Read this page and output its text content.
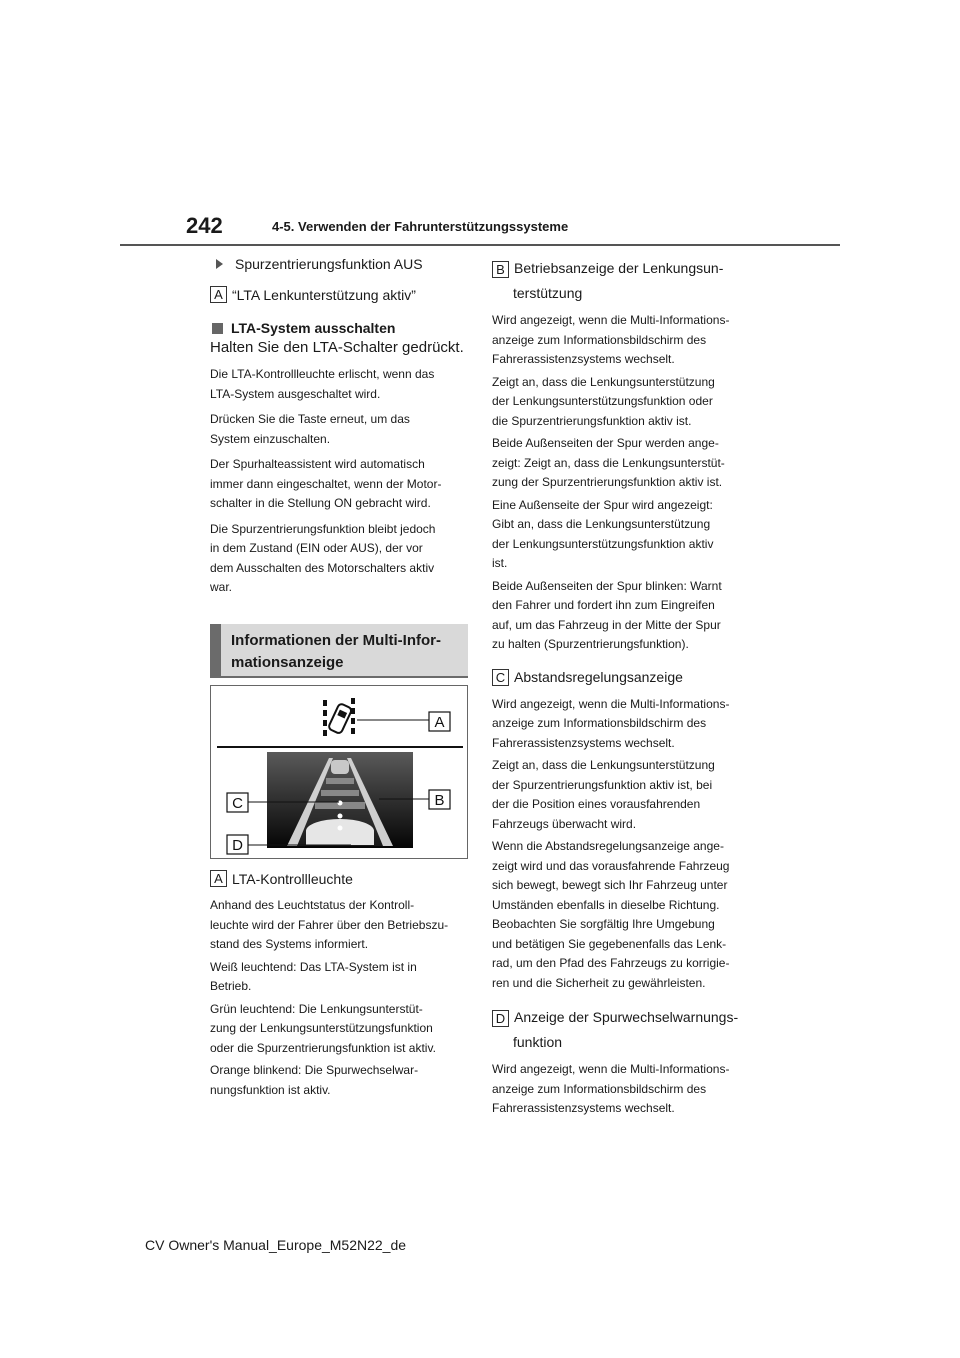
242	4-5. Verwenden der Fahrunterstützungssysteme
Spurzentrierungsfunktion AUS
A “LTA Lenkunterstützung aktiv”
LTA-System ausschalten
Halten Sie den LTA-Schalter gedrückt.
Die LTA-Kontrollleuchte erlischt, wenn das
LTA-System ausgeschaltet wird.
Drücken Sie die Taste erneut, um das
System einzuschalten.
Der Spurhalteassistent wird automatisch
immer dann eingeschaltet, wenn der Motor-
schalter in die Stellung ON gebracht wird.
Die Spurzentrierungsfunktion bleibt jedoch
in dem Zustand (EIN oder AUS), der vor
dem Ausschalten des Motorschalters aktiv
war.
Informationen der Multi-Infor-
mationsanzeige
A
C	B
D
A LTA-Kontrollleuchte
Anhand des Leuchtstatus der Kontroll-
leuchte wird der Fahrer über den Betriebszu-
stand des Systems informiert.
Weiß leuchtend: Das LTA-System ist in
Betrieb.
Grün leuchtend: Die Lenkungsunterstüt-
zung der Lenkungsunterstützungsfunktion
oder die Spurzentrierungsfunktion ist aktiv.
Orange blinkend: Die Spurwechselwar-
nungsfunktion ist aktiv.
B Betriebsanzeige der Lenkungsun-
terstützung
Wird angezeigt, wenn die Multi-Informations-
anzeige zum Informationsbildschirm des
Fahrerassistenzsystems wechselt.
Zeigt an, dass die Lenkungsunterstützung
der Lenkungsunterstützungsfunktion oder
die Spurzentrierungsfunktion aktiv ist.
Beide Außenseiten der Spur werden ange-
zeigt: Zeigt an, dass die Lenkungsunterstüt-
zung der Spurzentrierungsfunktion aktiv ist.
Eine Außenseite der Spur wird angezeigt:
Gibt an, dass die Lenkungsunterstützung
der Lenkungsunterstützungsfunktion aktiv
ist.
Beide Außenseiten der Spur blinken: Warnt
den Fahrer und fordert ihn zum Eingreifen
auf, um das Fahrzeug in der Mitte der Spur
zu halten (Spurzentrierungsfunktion).
C Abstandsregelungsanzeige
Wird angezeigt, wenn die Multi-Informations-
anzeige zum Informationsbildschirm des
Fahrerassistenzsystems wechselt.
Zeigt an, dass die Lenkungsunterstützung
der Spurzentrierungsfunktion aktiv ist, bei
der die Position eines vorausfahrenden
Fahrzeugs überwacht wird.
Wenn die Abstandsregelungsanzeige ange-
zeigt wird und das vorausfahrende Fahrzeug
sich bewegt, bewegt sich Ihr Fahrzeug unter
Umständen ebenfalls in dieselbe Richtung.
Beobachten Sie sorgfältig Ihre Umgebung
und betätigen Sie gegebenenfalls das Lenk-
rad, um den Pfad des Fahrzeugs zu korrigie-
ren und die Sicherheit zu gewährleisten.
D Anzeige der Spurwechselwarnungs-
funktion
Wird angezeigt, wenn die Multi-Informations-
anzeige zum Informationsbildschirm des
Fahrerassistenzsystems wechselt.
CV Owner's Manual_Europe_M52N22_de
